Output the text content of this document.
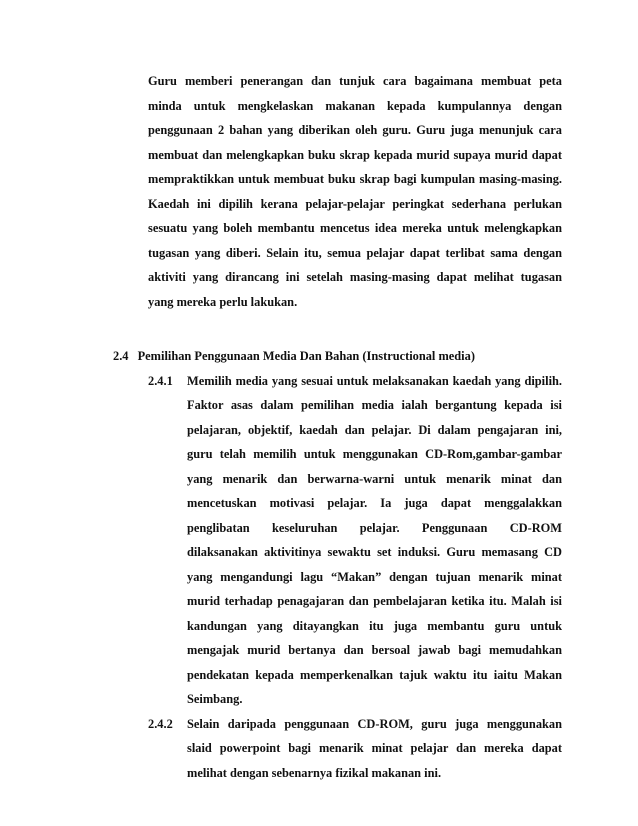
Guru memberi penerangan dan tunjuk cara bagaimana membuat peta
minda untuk mengkelaskan makanan kepada kumpulannya dengan
penggunaan 2 bahan yang diberikan oleh guru. Guru juga menunjuk cara
membuat dan melengkapkan buku skrap kepada murid supaya murid dapat
mempraktikkan untuk membuat buku skrap bagi kumpulan masing-masing.
Kaedah ini dipilih kerana pelajar-pelajar peringkat sederhana perlukan
sesuatu yang boleh membantu mencetus idea mereka untuk melengkapkan
tugasan yang diberi. Selain itu, semua pelajar dapat terlibat sama dengan
aktiviti yang dirancang ini setelah masing-masing dapat melihat tugasan
yang mereka perlu lakukan.
2.4 Pemilihan Penggunaan Media Dan Bahan (Instructional media)
2.4.1 Memilih media yang sesuai untuk melaksanakan kaedah yang dipilih.
Faktor asas dalam pemilihan media ialah bergantung kepada isi
pelajaran, objektif, kaedah dan pelajar. Di dalam pengajaran ini,
guru telah memilih untuk menggunakan CD-Rom,gambar-gambar
yang menarik dan berwarna-warni untuk menarik minat dan
mencetuskan motivasi pelajar. Ia juga dapat menggalakkan
penglibatan keseluruhan pelajar. Penggunaan CD-ROM
dilaksanakan aktivitinya sewaktu set induksi. Guru memasang CD
yang mengandungi lagu “Makan” dengan tujuan menarik minat
murid terhadap penagajaran dan pembelajaran ketika itu. Malah isi
kandungan yang ditayangkan itu juga membantu guru untuk
mengajak murid bertanya dan bersoal jawab bagi memudahkan
pendekatan kepada memperkenalkan tajuk waktu itu iaitu Makan
Seimbang.
2.4.2 Selain daripada penggunaan CD-ROM, guru juga menggunakan
slaid powerpoint bagi menarik minat pelajar dan mereka dapat
melihat dengan sebenarnya fizikal makanan ini.
